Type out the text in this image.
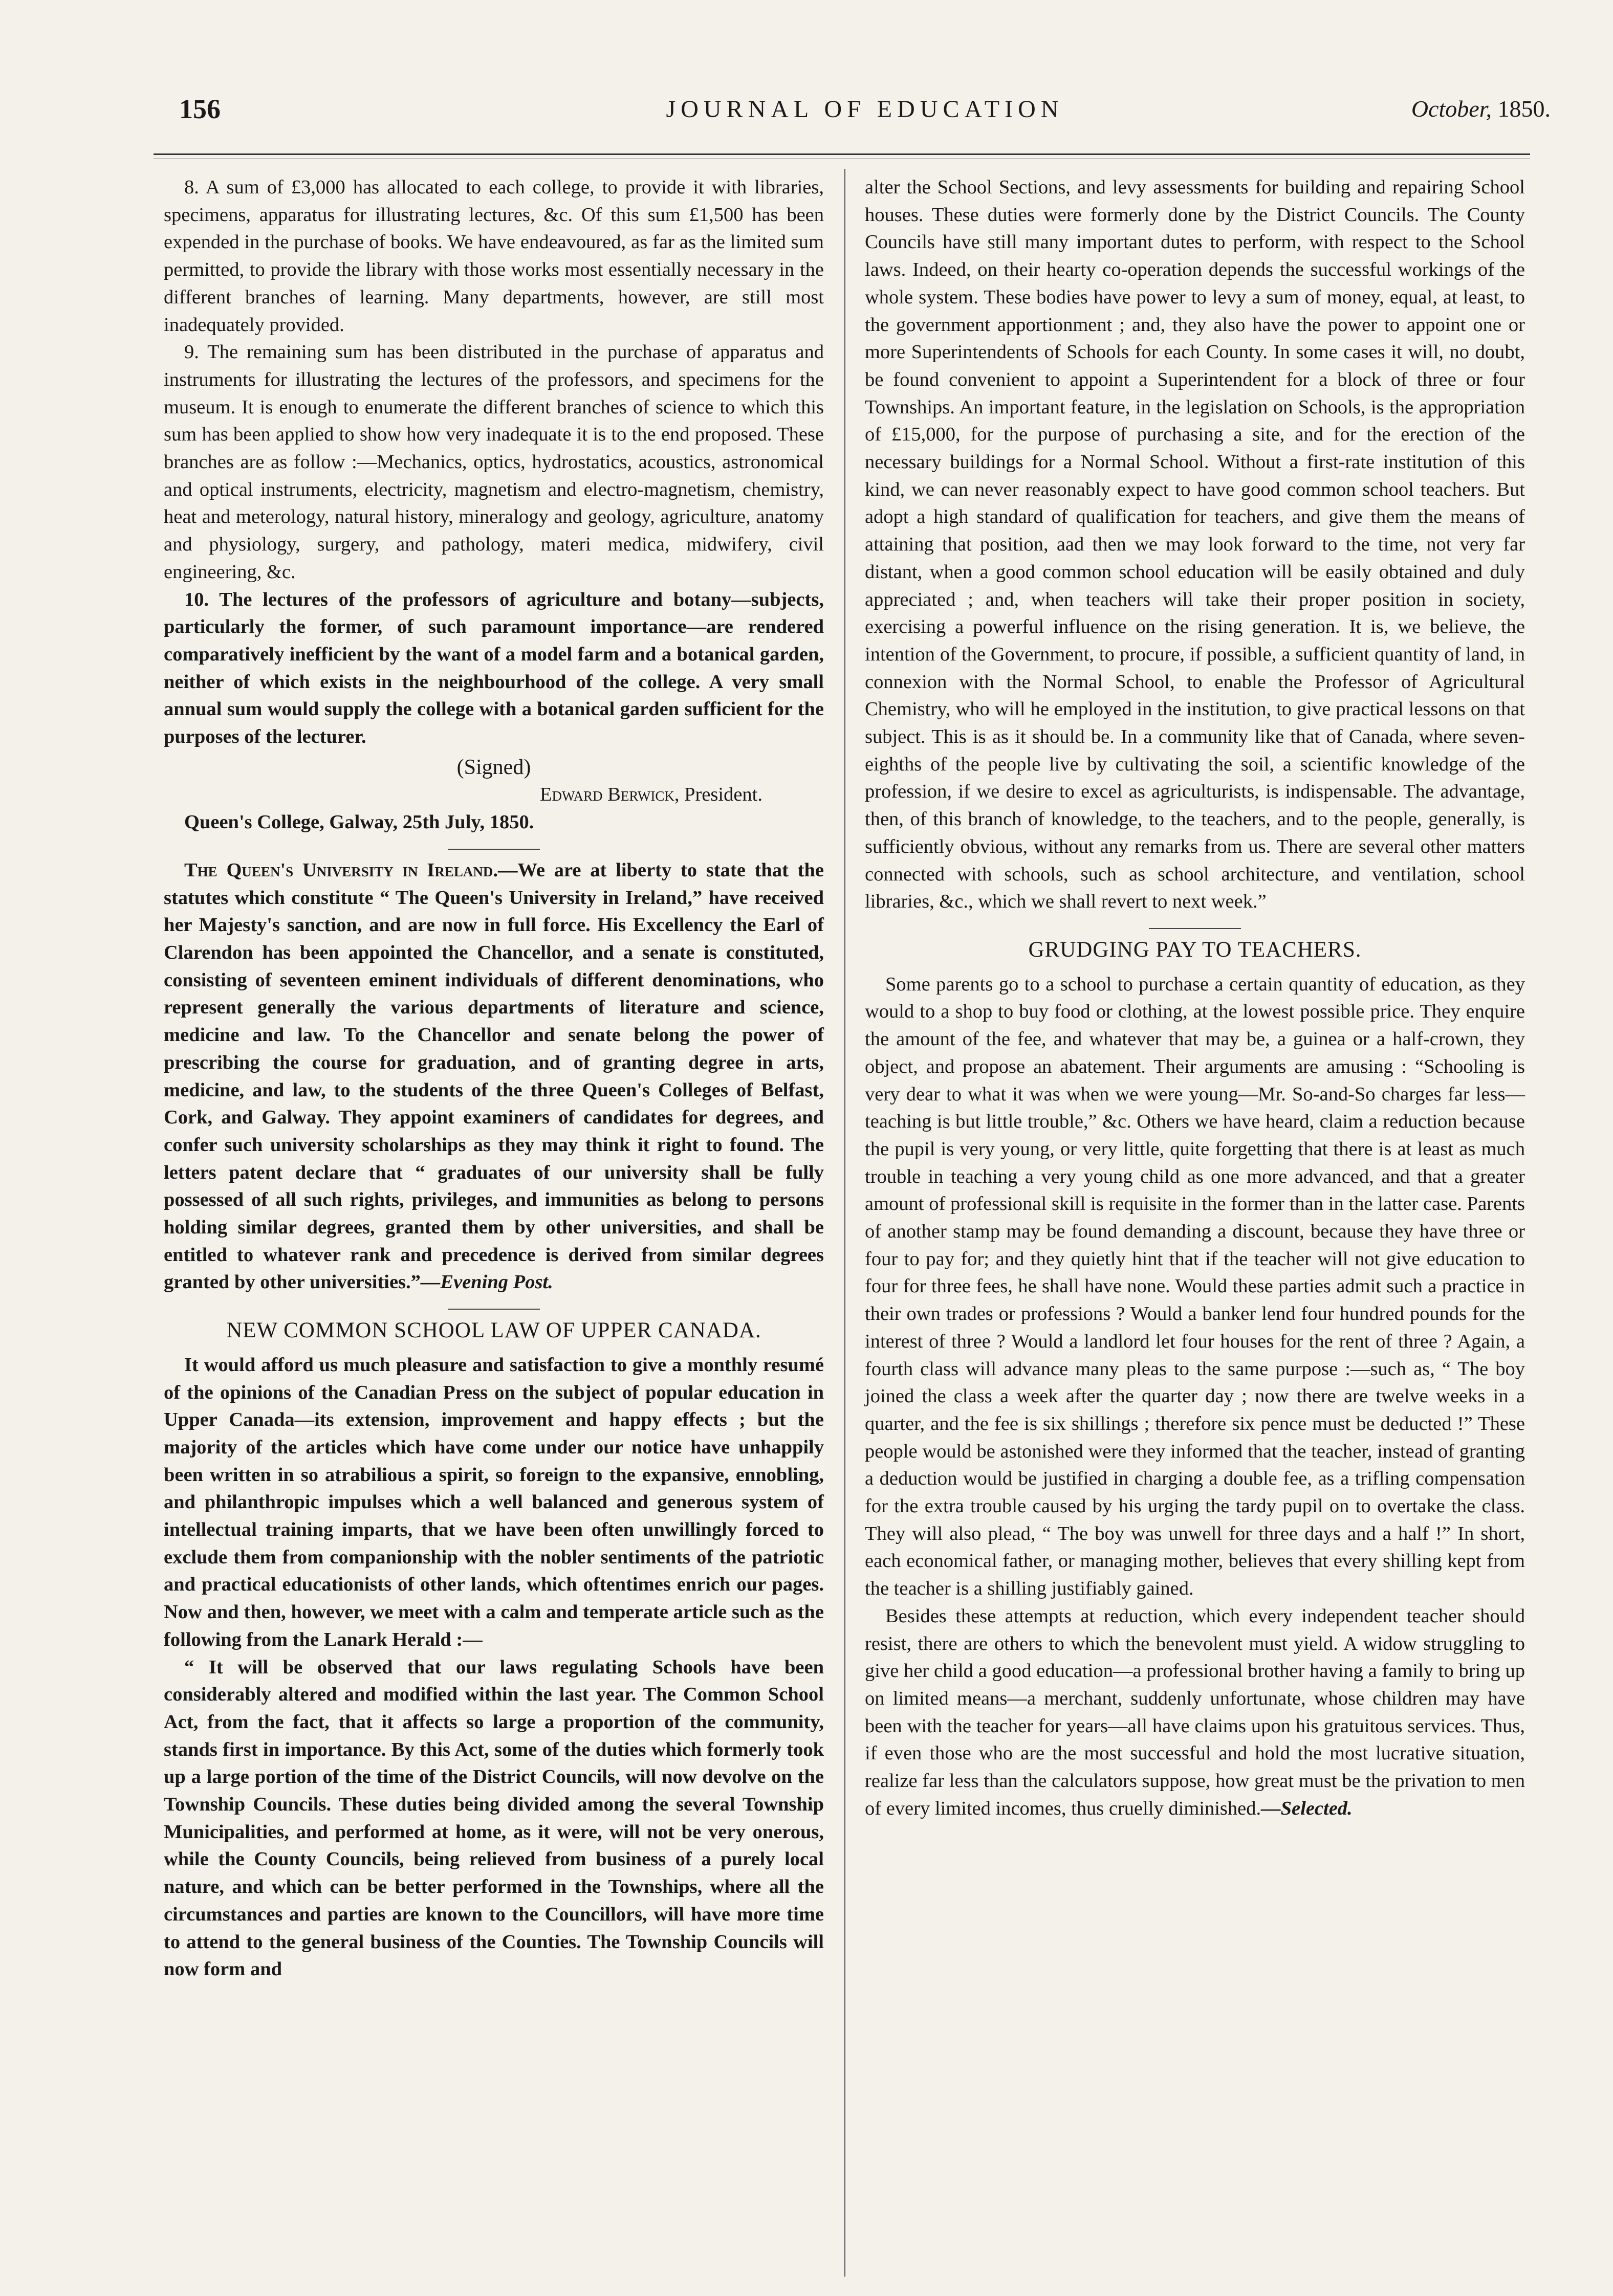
156	JOURNAL OF EDUCATION	October, 1850.

8. A sum of £3,000 has allocated to each college, to provide it with libraries, specimens, apparatus for illustrating lectures, &c. Of this sum £1,500 has been expended in the purchase of books. We have endeavoured, as far as the limited sum permitted, to provide the library with those works most essentially necessary in the different branches of learning. Many departments, however, are still most inadequately provided.

9. The remaining sum has been distributed in the purchase of apparatus and instruments for illustrating the lectures of the professors, and specimens for the museum. It is enough to enumerate the different branches of science to which this sum has been applied to show how very inadequate it is to the end proposed. These branches are as follow :—Mechanics, optics, hydrostatics, acoustics, astronomical and optical instruments, electricity, magnetism and electro-magnetism, chemistry, heat and meterology, natural history, mineralogy and geology, agriculture, anatomy and physiology, surgery, and pathology, materi medica, midwifery, civil engineering, &c.

10. The lectures of the professors of agriculture and botany—subjects, particularly the former, of such paramount importance—are rendered comparatively inefficient by the want of a model farm and a botanical garden, neither of which exists in the neighbourhood of the college. A very small annual sum would supply the college with a botanical garden sufficient for the purposes of the lecturer.

(Signed)
Edward Berwick, President.

Queen's College, Galway, 25th July, 1850.

The Queen's University in Ireland.—We are at liberty to state that the statutes which constitute “ The Queen's University in Ireland,” have received her Majesty's sanction, and are now in full force. His Excellency the Earl of Clarendon has been appointed the Chancellor, and a senate is constituted, consisting of seventeen eminent individuals of different denominations, who represent generally the various departments of literature and science, medicine and law. To the Chancellor and senate belong the power of prescribing the course for graduation, and of granting degree in arts, medicine, and law, to the students of the three Queen's Colleges of Belfast, Cork, and Galway. They appoint examiners of candidates for degrees, and confer such university scholarships as they may think it right to found. The letters patent declare that “ graduates of our university shall be fully possessed of all such rights, privileges, and immunities as belong to persons holding similar degrees, granted them by other universities, and shall be entitled to whatever rank and precedence is derived from similar degrees granted by other universities.”—Evening Post.

NEW COMMON SCHOOL LAW OF UPPER CANADA.

It would afford us much pleasure and satisfaction to give a monthly resumé of the opinions of the Canadian Press on the subject of popular education in Upper Canada—its extension, improvement and happy effects ; but the majority of the articles which have come under our notice have unhappily been written in so atrabilious a spirit, so foreign to the expansive, ennobling, and philanthropic impulses which a well balanced and generous system of intellectual training imparts, that we have been often unwillingly forced to exclude them from companionship with the nobler sentiments of the patriotic and practical educationists of other lands, which oftentimes enrich our pages. Now and then, however, we meet with a calm and temperate article such as the following from the Lanark Herald :—

“ It will be observed that our laws regulating Schools have been considerably altered and modified within the last year. The Common School Act, from the fact, that it affects so large a proportion of the community, stands first in importance. By this Act, some of the duties which formerly took up a large portion of the time of the District Councils, will now devolve on the Township Councils. These duties being divided among the several Township Municipalities, and performed at home, as it were, will not be very onerous, while the County Councils, being relieved from business of a purely local nature, and which can be better performed in the Townships, where all the circumstances and parties are known to the Councillors, will have more time to attend to the general business of the Counties. The Township Councils will now form and

alter the School Sections, and levy assessments for building and repairing School houses. These duties were formerly done by the District Councils. The County Councils have still many important dutes to perform, with respect to the School laws. Indeed, on their hearty co-operation depends the successful workings of the whole system. These bodies have power to levy a sum of money, equal, at least, to the government apportionment ; and, they also have the power to appoint one or more Superintendents of Schools for each County. In some cases it will, no doubt, be found convenient to appoint a Superintendent for a block of three or four Townships. An important feature, in the legislation on Schools, is the appropriation of £15,000, for the purpose of purchasing a site, and for the erection of the necessary buildings for a Normal School. Without a first-rate institution of this kind, we can never reasonably expect to have good common school teachers. But adopt a high standard of qualification for teachers, and give them the means of attaining that position, aad then we may look forward to the time, not very far distant, when a good common school education will be easily obtained and duly appreciated ; and, when teachers will take their proper position in society, exercising a powerful influence on the rising generation. It is, we believe, the intention of the Government, to procure, if possible, a sufficient quantity of land, in connexion with the Normal School, to enable the Professor of Agricultural Chemistry, who will he employed in the institution, to give practical lessons on that subject. This is as it should be. In a community like that of Canada, where seven-eighths of the people live by cultivating the soil, a scientific knowledge of the profession, if we desire to excel as agriculturists, is indispensable. The advantage, then, of this branch of knowledge, to the teachers, and to the people, generally, is sufficiently obvious, without any remarks from us. There are several other matters connected with schools, such as school architecture, and ventilation, school libraries, &c., which we shall revert to next week.”

GRUDGING PAY TO TEACHERS.

Some parents go to a school to purchase a certain quantity of education, as they would to a shop to buy food or clothing, at the lowest possible price. They enquire the amount of the fee, and whatever that may be, a guinea or a half-crown, they object, and propose an abatement. Their arguments are amusing : “Schooling is very dear to what it was when we were young—Mr. So-and-So charges far less—teaching is but little trouble,” &c. Others we have heard, claim a reduction because the pupil is very young, or very little, quite forgetting that there is at least as much trouble in teaching a very young child as one more advanced, and that a greater amount of professional skill is requisite in the former than in the latter case. Parents of another stamp may be found demanding a discount, because they have three or four to pay for; and they quietly hint that if the teacher will not give education to four for three fees, he shall have none. Would these parties admit such a practice in their own trades or professions ? Would a banker lend four hundred pounds for the interest of three ? Would a landlord let four houses for the rent of three ? Again, a fourth class will advance many pleas to the same purpose :—such as, “ The boy joined the class a week after the quarter day ; now there are twelve weeks in a quarter, and the fee is six shillings ; therefore six pence must be deducted !” These people would be astonished were they informed that the teacher, instead of granting a deduction would be justified in charging a double fee, as a trifling compensation for the extra trouble caused by his urging the tardy pupil on to overtake the class. They will also plead, “ The boy was unwell for three days and a half !” In short, each economical father, or managing mother, believes that every shilling kept from the teacher is a shilling justifiably gained.

Besides these attempts at reduction, which every independent teacher should resist, there are others to which the benevolent must yield. A widow struggling to give her child a good education—a professional brother having a family to bring up on limited means—a merchant, suddenly unfortunate, whose children may have been with the teacher for years—all have claims upon his gratuitous services. Thus, if even those who are the most successful and hold the most lucrative situation, realize far less than the calculators suppose, how great must be the privation to men of every limited incomes, thus cruelly diminished.—Selected.
